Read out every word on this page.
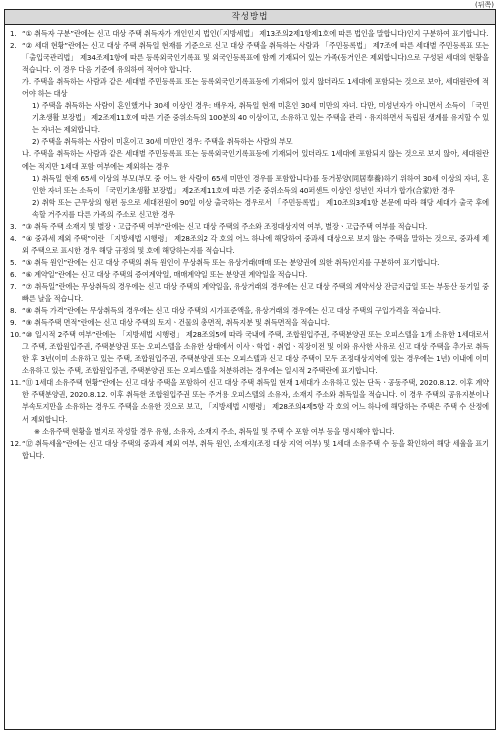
(뒤쪽)
작성방법
1. “① 취득자 구분”란에는 신고 대상 주택 취득자가 개인인지 법인(「지방세법」 제13조의2제1항제1호에 따른 법인을 말합니다)인지 구분하여 표기합니다.
2. “② 세대 현황”란에는 신고 대상 주택 취득일 현재를 기준으로 신고 대상 주택을 취득하는 사람과 「주민등록법」 제7조에 따른 세대별 주민등록표 또는 「출입국관리법」 제34조제1항에 따른 등록외국인기록표 및 외국인등록표에 함께 기재되어 있는 가족(동거인은 제외합니다)으로 구성된 세대의 현황을 적습니다. 이 경우 다음 기준에 유의하여 적어야 합니다.
가. 주택을 취득하는 사람과 같은 세대별 주민등록표 또는 등록외국인기록표등에 기재되어 있지 않더라도 1세대에 포함되는 것으로 보아, 세대원란에 적어야 하는 대상
1) 주택을 취득하는 사람이 혼인했거나 30세 이상인 경우: 배우자, 취득일 현재 미혼인 30세 미만의 자녀. 다만, 미성년자가 아니면서 소득이 「국민기초생활 보장법」 제2조제11호에 따른 기준 중위소득의 100분의 40 이상이고, 소유하고 있는 주택을 관리ㆍ유지하면서 독립된 생계를 유지할 수 있는 자녀는 제외합니다.
2) 주택을 취득하는 사람이 미혼이고 30세 미만인 경우: 주택을 취득하는 사람의 부모
나. 주택을 취득하는 사람과 같은 세대별 주민등록표 또는 등록외국인기록표등에 기재되어 있더라도 1세대에 포함되지 않는 것으로 보지 않아, 세대원란에는 적지만 1세대 포함 여부에는 제외하는 경우
1) 취득일 현재 65세 이상의 부모(부모 중 어느 한 사람이 65세 미만인 경우를 포함합니다)를 동거봉양(同居奉養)하기 위하여 30세 이상의 자녀, 혼인한 자녀 또는 소득이 「국민기초생활 보장법」 제2조제11호에 따른 기준 중위소득의 40퍼센트 이상인 성년인 자녀가 합가(合家)한 경우
2) 취학 또는 근무상의 형편 등으로 세대전원이 90일 이상 출국하는 경우로서 「주민등록법」 제10조의3제1항 본문에 따라 해당 세대가 출국 후에 속할 거주지를 다른 가족의 주소로 신고한 경우
3. “③ 취득 주택 소재지 및 별장ㆍ고급주택 여부”란에는 신고 대상 주택의 주소와 조정대상지역 여부, 별장ㆍ고급주택 여부를 적습니다.
4. “④ 중과세 제외 주택”이란 「지방세법 시행령」 제28조의2 각 호의 어느 하나에 해당하여 중과세 대상으로 보지 않는 주택을 말하는 것으로, 중과세 제외 주택으로 표시한 경우 해당 규정의 및 호에 해당하는지를 적습니다.
5. “⑤ 취득 원인”란에는 신고 대상 주택의 취득 원인이 무상취득 또는 유상거래(매매 또는 분양권에 의한 취득)인지를 구분하여 표기합니다.
6. “⑥ 계약일”란에는 신고 대상 주택의 증여계약일, 매매계약일 또는 분양권 계약일을 적습니다.
7. “⑦ 취득일”란에는 무상취득의 경우에는 신고 대상 주택의 계약일을, 유상거래의 경우에는 신고 대상 주택의 계약서상 잔금지급일 또는 부동산 등기일 중 빠른 날을 적습니다.
8. “⑧ 취득 가격”란에는 무상취득의 경우에는 신고 대상 주택의 시가표준액을, 유상거래의 경우에는 신고 대상 주택의 구입가격을 적습니다.
9. “⑨ 취득주택 면적”란에는 신고 대상 주택의 토지ㆍ건물의 총면적, 취득지분 및 취득면적을 적습니다.
10. “⑩ 일시적 2주택 여부”란에는 「지방세법 시행령」 제28조의5에 따라 국내에 주택, 조합원입주권, 주택분양권 또는 오피스텔을 1개 소유한 1세대로서 그 주택, 조합원입주권, 주택분양권 또는 오피스텔을 소유한 상태에서 이사ㆍ학업ㆍ취업ㆍ직장이전 및 이와 유사한 사유로 신고 대상 주택을 추가로 취득한 후 3년(이미 소유하고 있는 주택, 조합원입주권, 주택분양권 또는 오피스텔과 신고 대상 주택이 모두 조정대상지역에 있는 경우에는 1년) 이내에 이미 소유하고 있는 주택, 조합원입주권, 주택분양권 또는 오피스텔을 처분하려는 경우에는 일시적 2주택란에 표기합니다.
11. “⑪ 1세대 소유주택 현황”란에는 신고 대상 주택을 포함하여 신고 대상 주택 취득일 현재 1세대가 소유하고 있는 단독ㆍ공동주택, 2020.8.12. 이후 계약한 주택분양권, 2020.8.12. 이후 취득한 조합원입주권 또는 주거용 오피스텔의 소유자, 소재지 주소와 취득일을 적습니다. 이 경우 주택의 공유지분이나 부속토지만을 소유하는 경우도 주택을 소유한 것으로 보고, 「지방세법 시행령」 제28조의4제5항 각 호의 어느 하나에 해당하는 주택은 주택 수 산정에서 제외합니다.
※ 소유주택 현황을 별지로 작성할 경우 유형, 소유자, 소재지 주소, 취득일 및 주택 수 포함 여부 등을 명시해야 합니다.
12. “⑫ 취득세율”란에는 신고 대상 주택의 중과세 제외 여부, 취득 원인, 소재지(조정 대상 지역 여부) 및 1세대 소유주택 수 등을 확인하여 해당 세율을 표기합니다.
